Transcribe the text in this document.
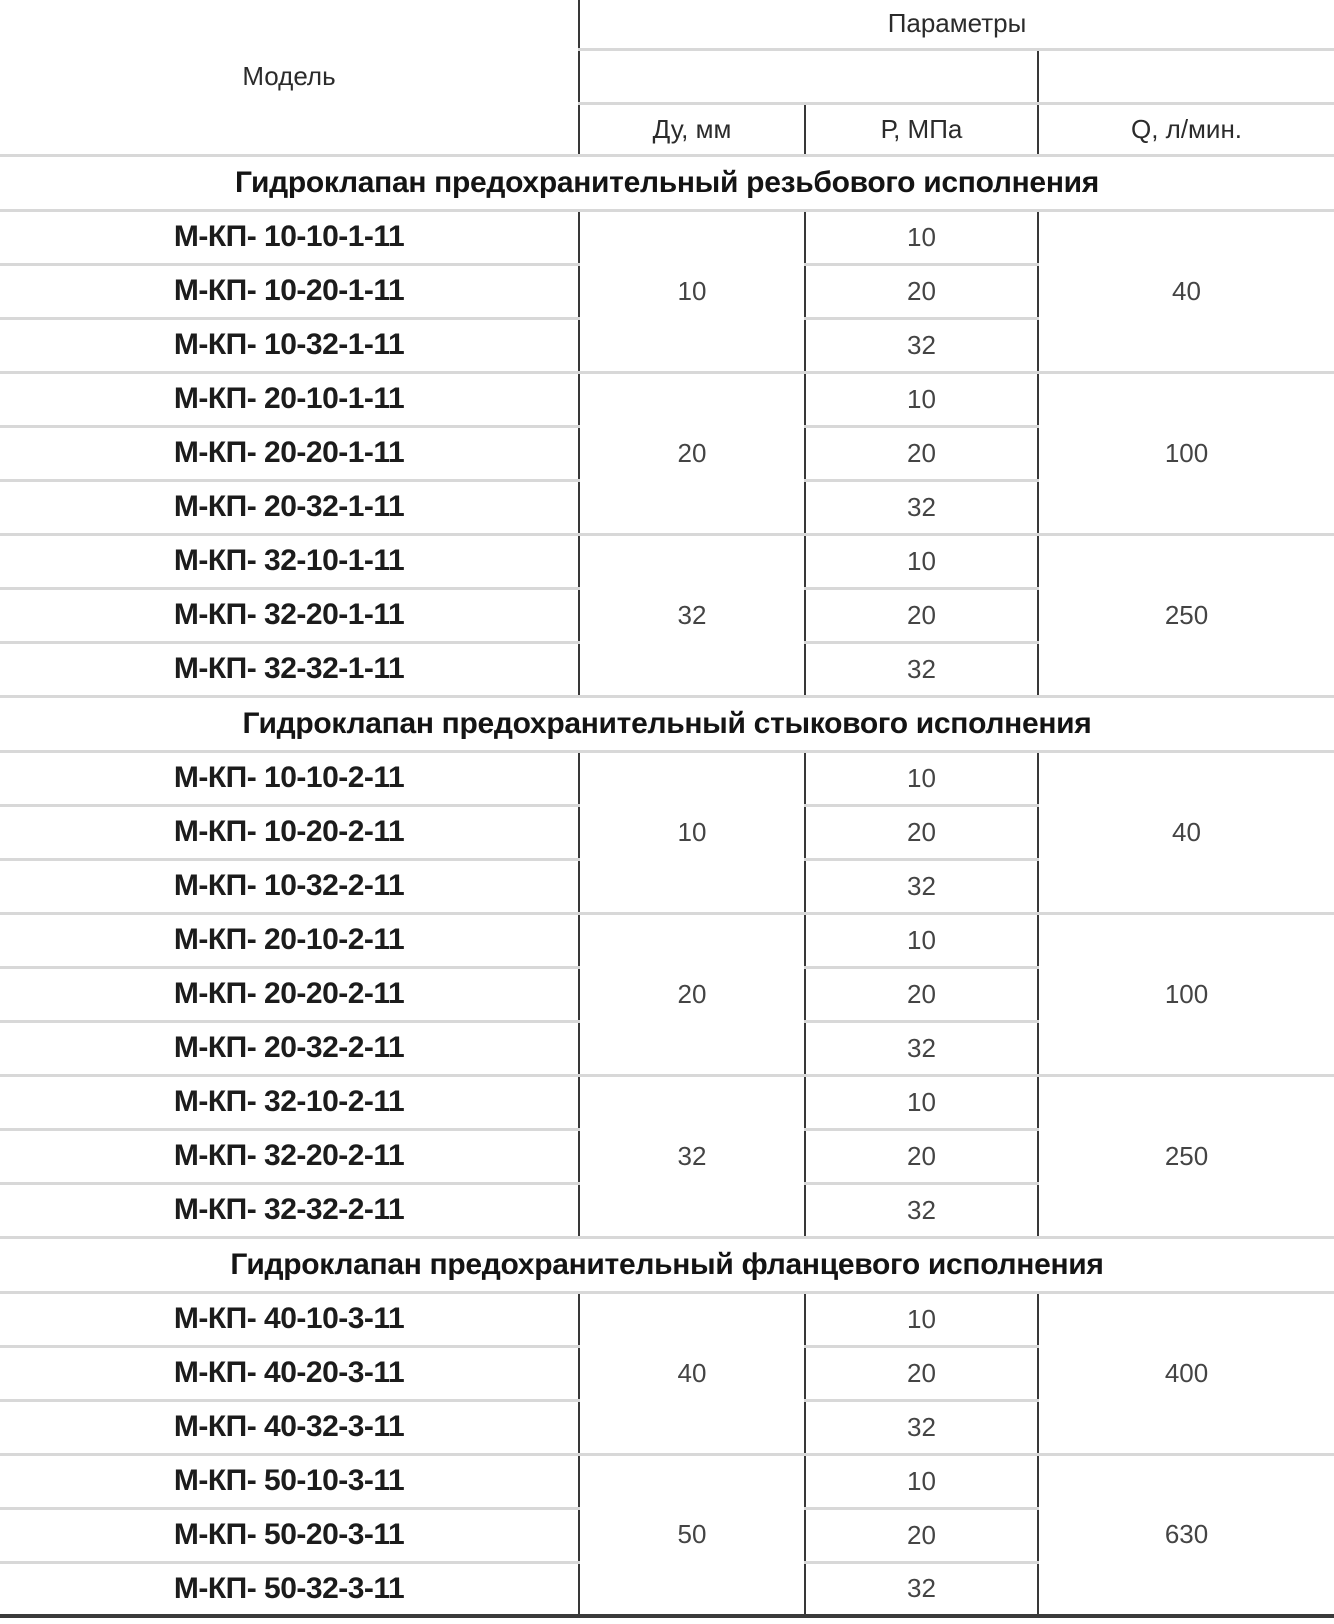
Модель	Параметры		

	Ду, мм	Р, МПа	Q, л/мин.
Гидроклапан предохранительный резьбового исполнения			
М-КП- 10-10-1-11	10	10	40
М-КП- 10-20-1-11		20	
М-КП- 10-32-1-11		32	
М-КП- 20-10-1-11	20	10	100
М-КП- 20-20-1-11		20	
М-КП- 20-32-1-11		32	
М-КП- 32-10-1-11	32	10	250
М-КП- 32-20-1-11		20	
М-КП- 32-32-1-11		32	
Гидроклапан предохранительный стыкового исполнения			
М-КП- 10-10-2-11	10	10	40
М-КП- 10-20-2-11		20	
М-КП- 10-32-2-11		32	
М-КП- 20-10-2-11	20	10	100
М-КП- 20-20-2-11		20	
М-КП- 20-32-2-11		32	
М-КП- 32-10-2-11	32	10	250
М-КП- 32-20-2-11		20	
М-КП- 32-32-2-11		32	
Гидроклапан предохранительный фланцевого исполнения			
М-КП- 40-10-3-11	40	10	400
М-КП- 40-20-3-11		20	
М-КП- 40-32-3-11		32	
М-КП- 50-10-3-11	50	10	630
М-КП- 50-20-3-11		20	
М-КП- 50-32-3-11		32	
